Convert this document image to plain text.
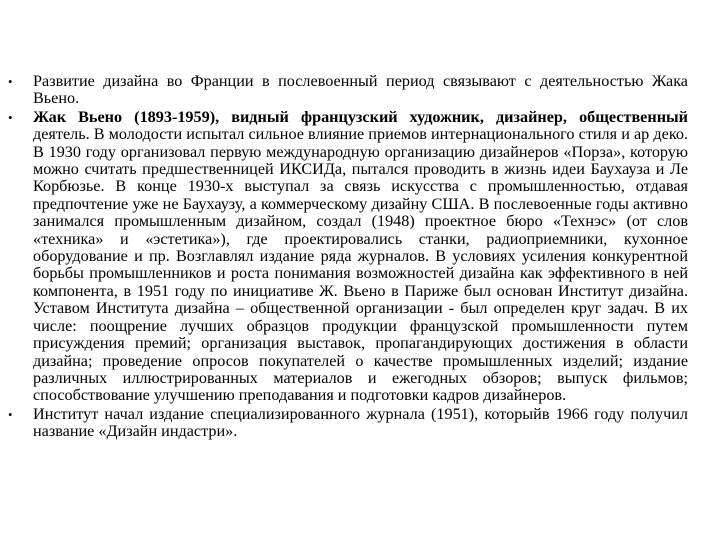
•	Развитие дизайна во Франции в послевоенный период связывают с деятельностью Жака Вьено.
•	Жак Вьено (1893-1959), видный французский художник, дизайнер, общественный деятель. В молодости испытал сильное влияние приемов интернационального стиля и ар деко. В 1930 году организовал первую международную организацию дизайнеров «Порза», которую можно считать предшественницей ИКСИДа, пытался проводить в жизнь идеи Баухауза и Ле Корбюзье. В конце 1930-х выступал за связь искусства с промышленностью, отдавая предпочтение уже не Баухаузу, а коммерческому дизайну США. В послевоенные годы активно занимался промышленным дизайном, создал (1948) проектное бюро «Технэс» (от слов «техника» и «эстетика»), где проектировались станки, радиоприемники, кухонное оборудование и пр. Возглавлял издание ряда журналов. В условиях усиления конкурентной борьбы промышленников и роста понимания возможностей дизайна как эффективного в ней компонента, в 1951 году по инициативе Ж. Вьено в Париже был основан Институт дизайна. Уставом Института дизайна – общественной организации - был определен круг задач. В их числе: поощрение лучших образцов продукции французской промышленности путем присуждения премий; организация выставок, пропагандирующих достижения в области дизайна; проведение опросов покупателей о качестве промышленных изделий; издание различных иллюстрированных материалов и ежегодных обзоров; выпуск фильмов; способствование улучшению преподавания и подготовки кадров дизайнеров.
•	Институт начал издание специализированного журнала (1951), которыйв 1966 году получил название «Дизайн индастри».
